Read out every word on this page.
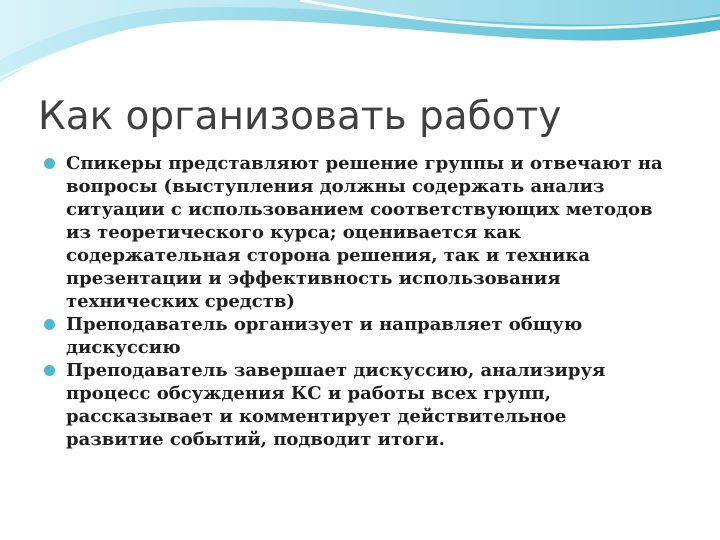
Как организовать работу
Спикеры представляют решение группы и отвечают на вопросы (выступления должны содержать анализ ситуации с использованием соответствующих методов из теоретического курса; оценивается как содержательная сторона решения, так и техника презентации и эффективность использования технических средств)
Преподаватель организует и направляет общую дискуссию
Преподаватель завершает дискуссию, анализируя процесс обсуждения КС и работы всех групп, рассказывает и комментирует действительное развитие событий, подводит итоги.
